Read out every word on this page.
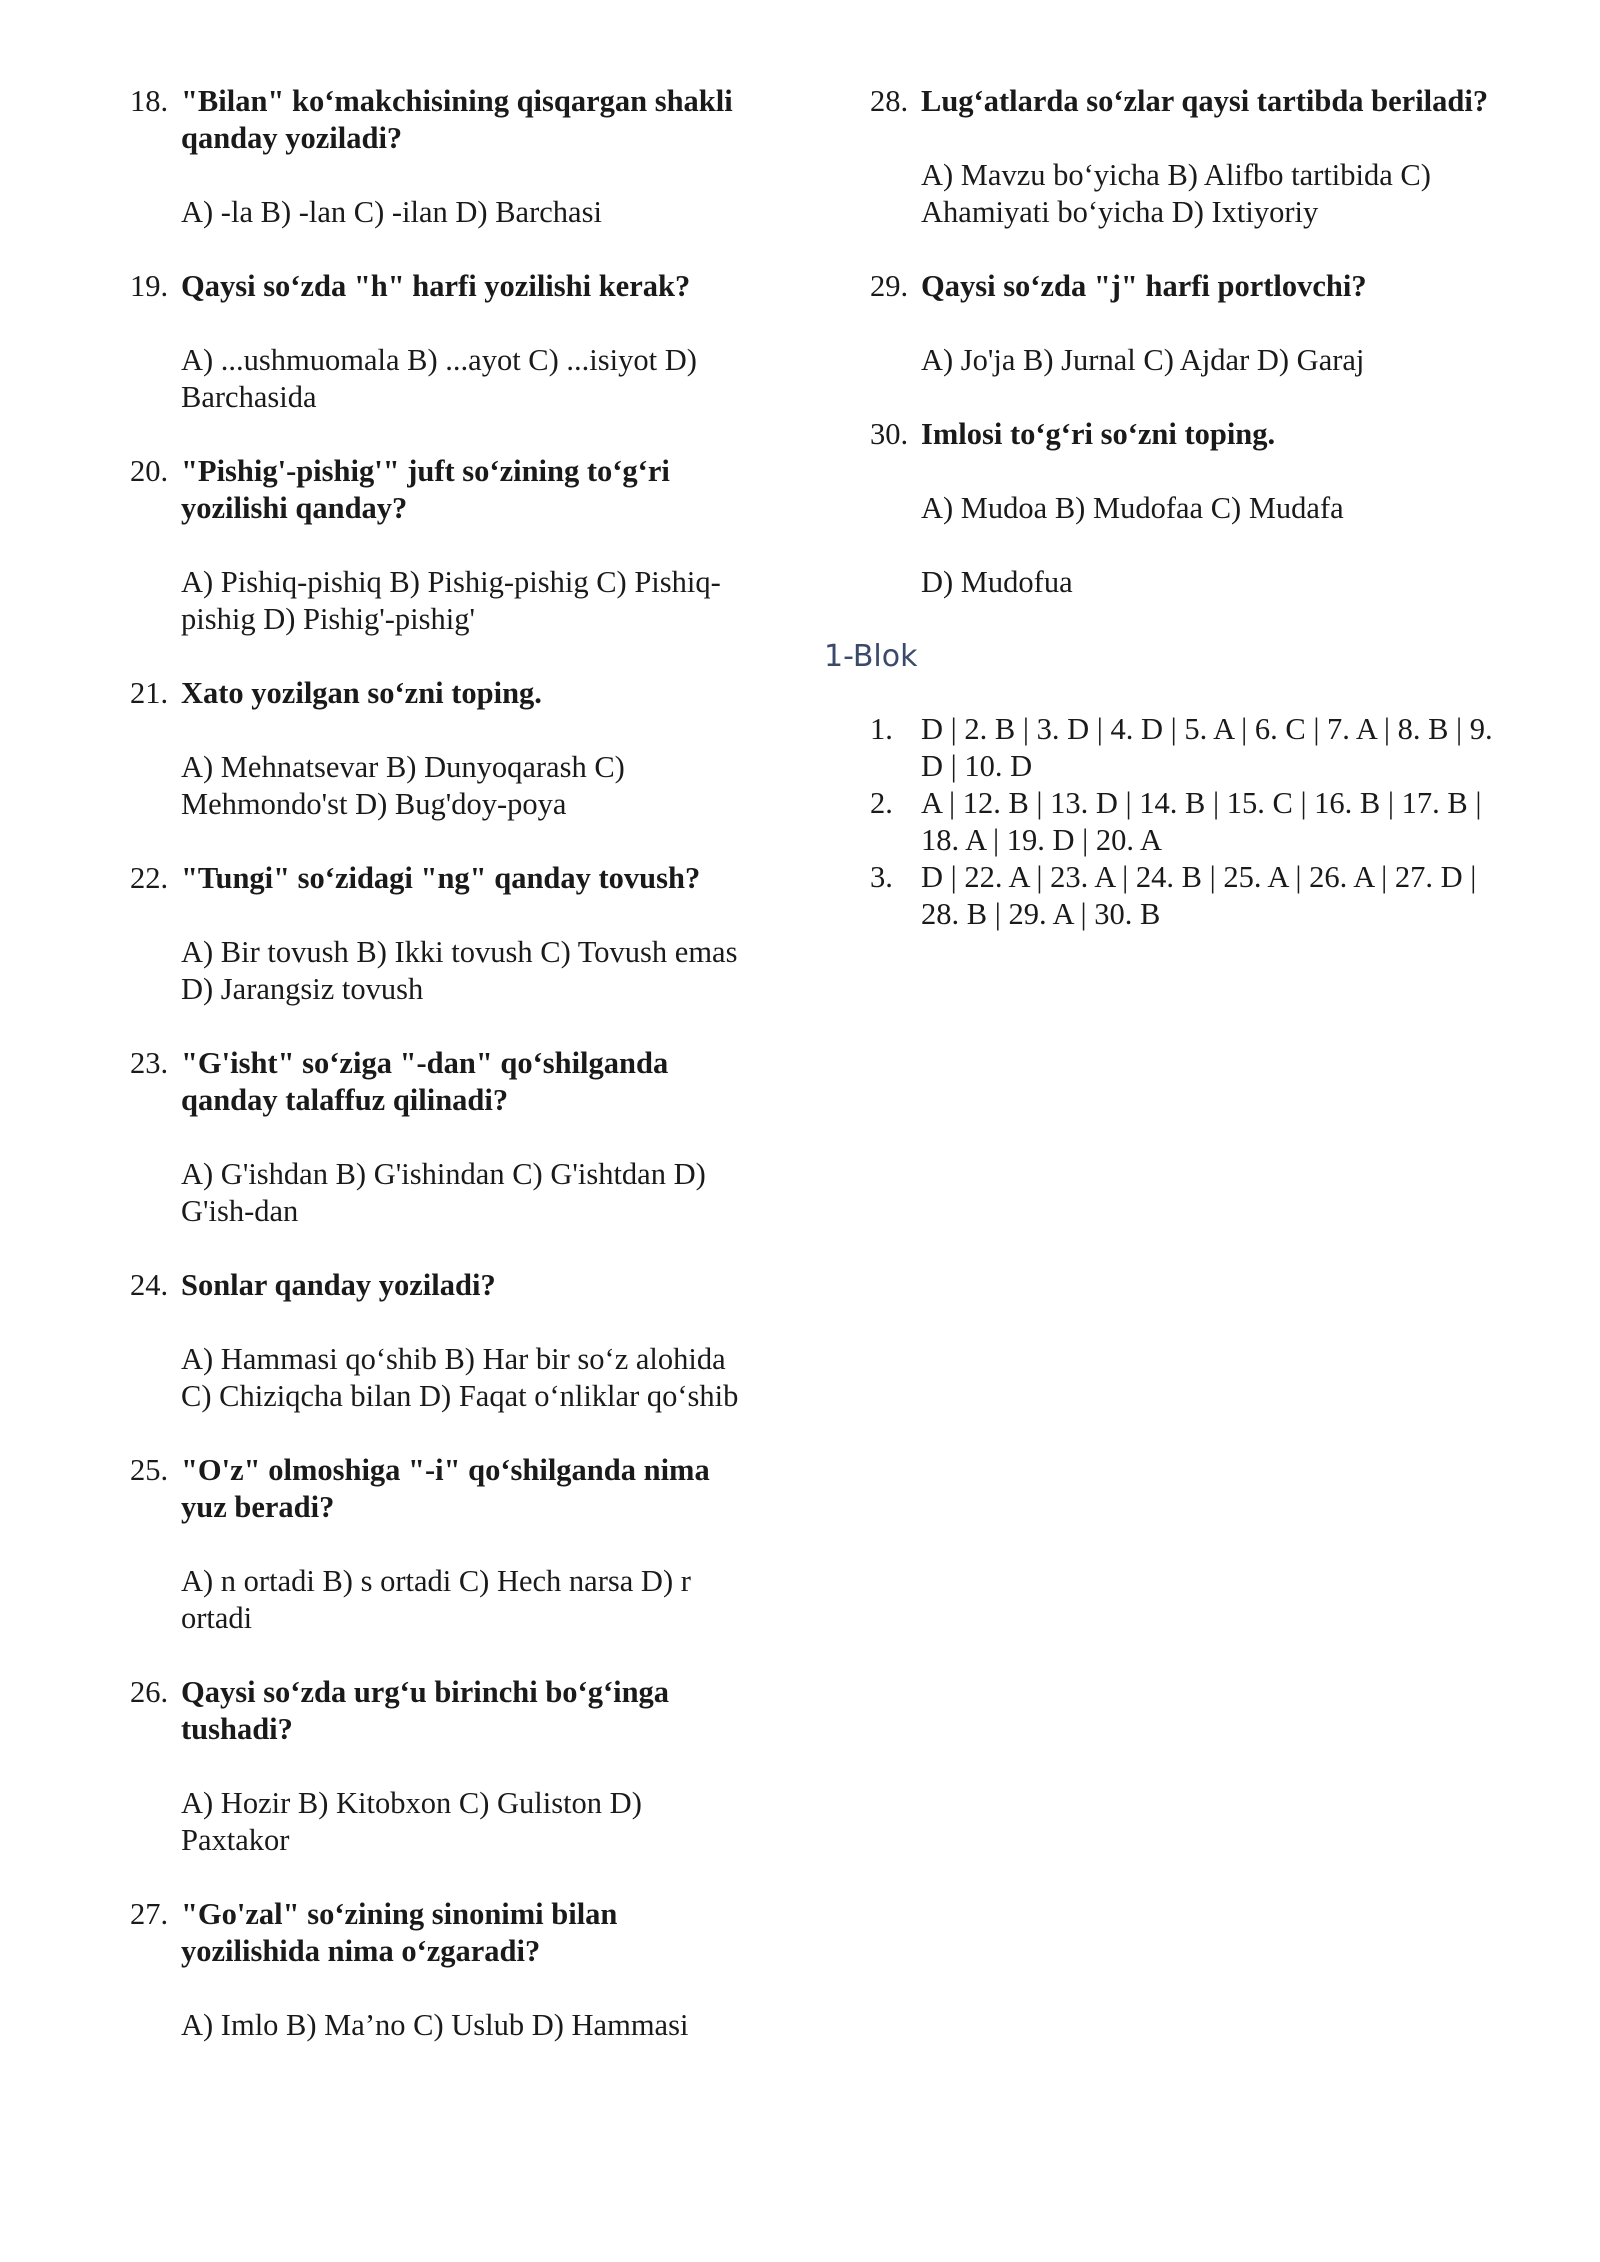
18. "Bilan" ko‘makchisining qisqargan shakli qanday yoziladi?
A) -la B) -lan C) -ilan D) Barchasi
19. Qaysi so‘zda "h" harfi yozilishi kerak?
A) ...ushmuomala B) ...ayot C) ...isiyot D) Barchasida
20. "Pishig'-pishig'" juft so‘zining to‘g‘ri yozilishi qanday?
A) Pishiq-pishiq B) Pishig-pishig C) Pishiq-pishig D) Pishig'-pishig'
21. Xato yozilgan so‘zni toping.
A) Mehnatsevar B) Dunyoqarash C) Mehmondo'st D) Bug'doy-poya
22. "Tungi" so‘zidagi "ng" qanday tovush?
A) Bir tovush B) Ikki tovush C) Tovush emas D) Jarangsiz tovush
23. "G'isht" so‘ziga "-dan" qo‘shilganda qanday talaffuz qilinadi?
A) G'ishdan B) G'ishindan C) G'ishtdan D) G'ish-dan
24. Sonlar qanday yoziladi?
A) Hammasi qo‘shib B) Har bir so‘z alohida C) Chiziqcha bilan D) Faqat o‘nliklar qo‘shib
25. "O'z" olmoshiga "-i" qo‘shilganda nima yuz beradi?
A) n ortadi B) s ortadi C) Hech narsa D) r ortadi
26. Qaysi so‘zda urg‘u birinchi bo‘g‘inga tushadi?
A) Hozir B) Kitobxon C) Guliston D) Paxtakor
27. "Go'zal" so‘zining sinonimi bilan yozilishida nima o‘zgaradi?
A) Imlo B) Ma’no C) Uslub D) Hammasi
28. Lug‘atlarda so‘zlar qaysi tartibda beriladi?
A) Mavzu bo‘yicha B) Alifbo tartibida C) Ahamiyati bo‘yicha D) Ixtiyoriy
29. Qaysi so‘zda "j" harfi portlovchi?
A) Jo'ja B) Jurnal C) Ajdar D) Garaj
30. Imlosi to‘g‘ri so‘zni toping.
A) Mudoa B) Mudofaa C) Mudafa
D) Mudofua
1-Blok
1. D | 2. B | 3. D | 4. D | 5. A | 6. C | 7. A | 8. B | 9. D | 10. D
2. A | 12. B | 13. D | 14. B | 15. C | 16. B | 17. B | 18. A | 19. D | 20. A
3. D | 22. A | 23. A | 24. B | 25. A | 26. A | 27. D | 28. B | 29. A | 30. B
